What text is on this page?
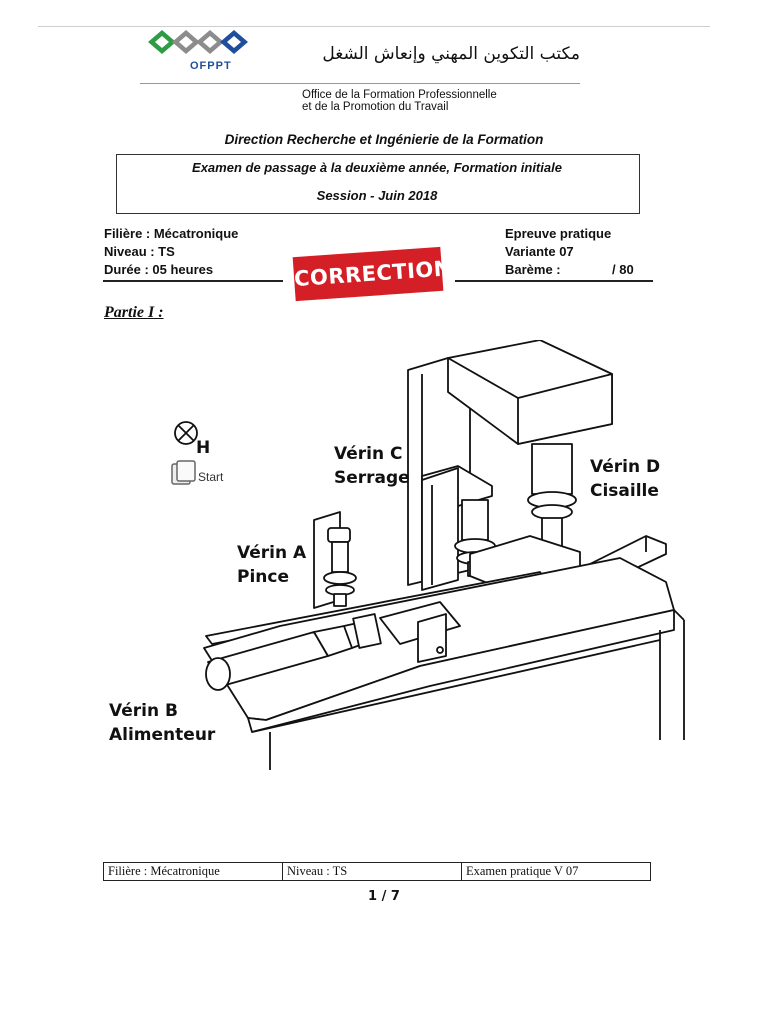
OFPPT
مكتب التكوين المهني وإنعاش الشغل
Office de la Formation Professionnelle
et de la Promotion du Travail
Direction Recherche et Ingénierie de la Formation
Examen de passage à la deuxième année, Formation initiale
Session - Juin 2018
Filière : Mécatronique
Niveau : TS
Durée : 05 heures
Epreuve pratique
Variante 07
Barème :	/ 80
CORRECTION
Partie I :
H
Start
Vérin C
Serrage
Vérin D
Cisaille
Vérin A
Pince
Vérin B
Alimenteur
Filière : Mécatronique	Niveau : TS	Examen pratique V 07
1 / 7
